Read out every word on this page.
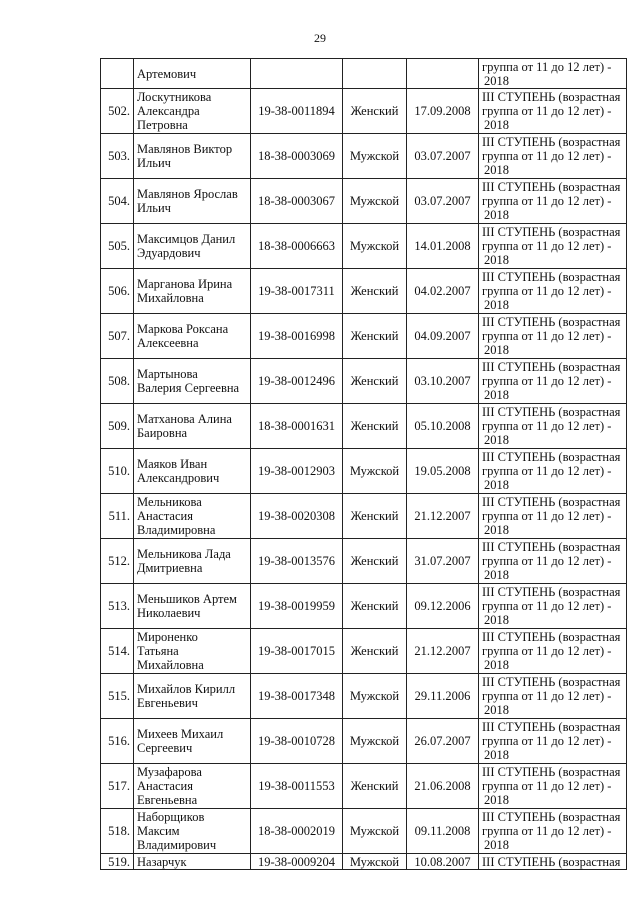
29

	Артемович				группа от 11 до 12 лет) -
2018

502.	Лоскутникова
Александра
Петровна	19-38-0011894	Женский	17.09.2008	III СТУПЕНЬ (возрастная
группа от 11 до 12 лет) -
2018

503.	Мавлянов Виктор
Ильич	18-38-0003069	Мужской	03.07.2007	III СТУПЕНЬ (возрастная
группа от 11 до 12 лет) -
2018

504.	Мавлянов Ярослав
Ильич	18-38-0003067	Мужской	03.07.2007	III СТУПЕНЬ (возрастная
группа от 11 до 12 лет) -
2018

505.	Максимцов Данил
Эдуардович	18-38-0006663	Мужской	14.01.2008	III СТУПЕНЬ (возрастная
группа от 11 до 12 лет) -
2018

506.	Марганова Ирина
Михайловна	19-38-0017311	Женский	04.02.2007	III СТУПЕНЬ (возрастная
группа от 11 до 12 лет) -
2018

507.	Маркова Роксана
Алексеевна	19-38-0016998	Женский	04.09.2007	III СТУПЕНЬ (возрастная
группа от 11 до 12 лет) -
2018

508.	Мартынова
Валерия Сергеевна	19-38-0012496	Женский	03.10.2007	III СТУПЕНЬ (возрастная
группа от 11 до 12 лет) -
2018

509.	Матханова Алина
Баировна	18-38-0001631	Женский	05.10.2008	III СТУПЕНЬ (возрастная
группа от 11 до 12 лет) -
2018

510.	Маяков Иван
Александрович	19-38-0012903	Мужской	19.05.2008	III СТУПЕНЬ (возрастная
группа от 11 до 12 лет) -
2018

511.	Мельникова
Анастасия
Владимировна	19-38-0020308	Женский	21.12.2007	III СТУПЕНЬ (возрастная
группа от 11 до 12 лет) -
2018

512.	Мельникова Лада
Дмитриевна	19-38-0013576	Женский	31.07.2007	III СТУПЕНЬ (возрастная
группа от 11 до 12 лет) -
2018

513.	Меньшиков Артем
Николаевич	19-38-0019959	Женский	09.12.2006	III СТУПЕНЬ (возрастная
группа от 11 до 12 лет) -
2018

514.	Мироненко
Татьяна
Михайловна	19-38-0017015	Женский	21.12.2007	III СТУПЕНЬ (возрастная
группа от 11 до 12 лет) -
2018

515.	Михайлов Кирилл
Евгеньевич	19-38-0017348	Мужской	29.11.2006	III СТУПЕНЬ (возрастная
группа от 11 до 12 лет) -
2018

516.	Михеев Михаил
Сергеевич	19-38-0010728	Мужской	26.07.2007	III СТУПЕНЬ (возрастная
группа от 11 до 12 лет) -
2018

517.	Музафарова
Анастасия
Евгеньевна	19-38-0011553	Женский	21.06.2008	III СТУПЕНЬ (возрастная
группа от 11 до 12 лет) -
2018

518.	Наборщиков
Максим
Владимирович	18-38-0002019	Мужской	09.11.2008	III СТУПЕНЬ (возрастная
группа от 11 до 12 лет) -
2018

519.	Назарчук	19-38-0009204	Мужской	10.08.2007	III СТУПЕНЬ (возрастная
